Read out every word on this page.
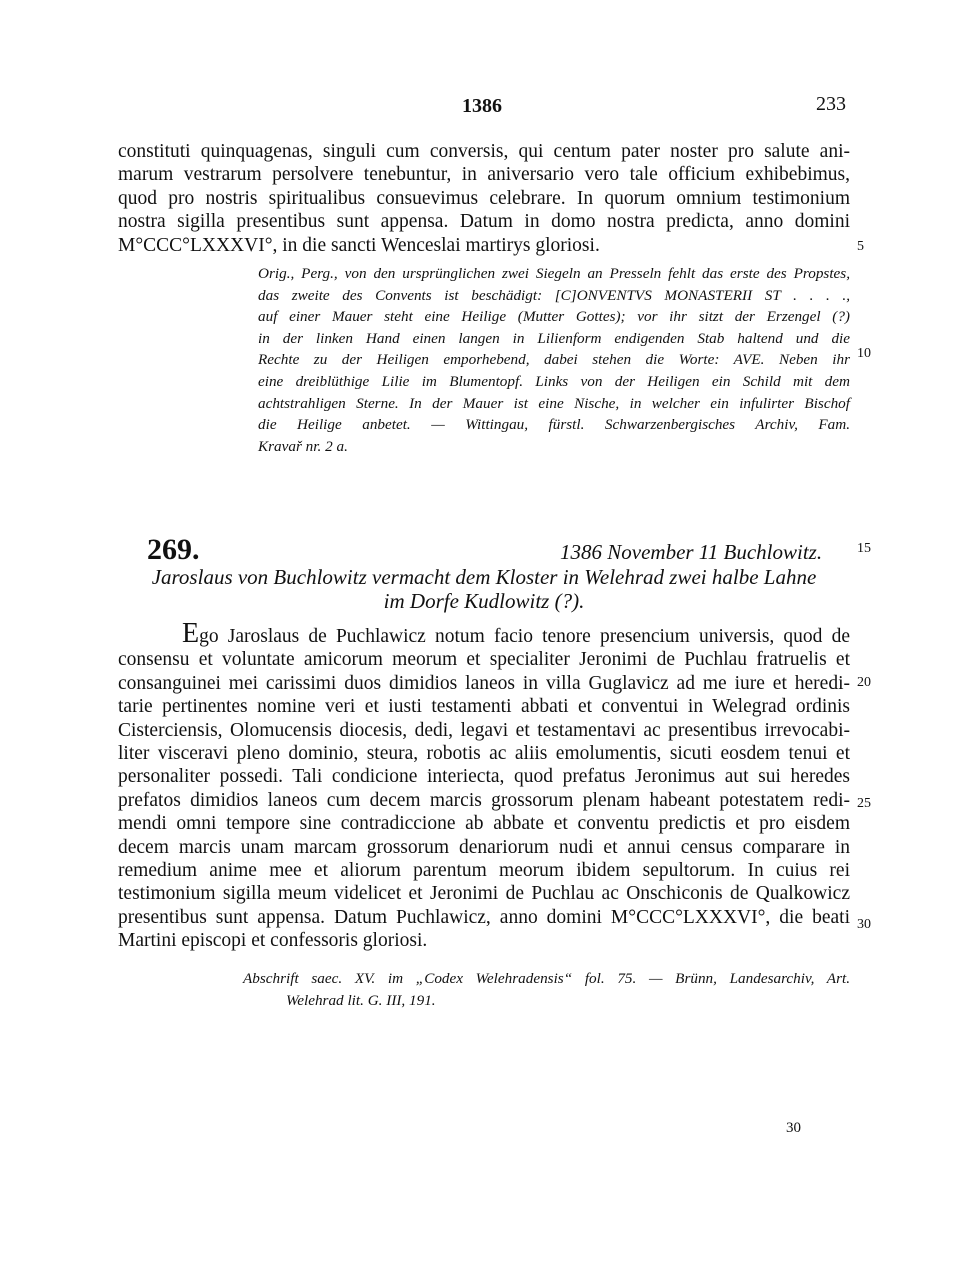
1386	233
constituti quinquagenas, singuli cum conversis, qui centum pater noster pro salute ani-
marum vestrarum persolvere tenebuntur, in aniversario vero tale officium exhibebimus,
quod pro nostris spiritualibus consuevimus celebrare. In quorum omnium testimonium
nostra sigilla presentibus sunt appensa. Datum in domo nostra predicta, anno domini
M°CCC°LXXXVI°, in die sancti Wenceslai martirys gloriosi.	5
Orig., Perg., von den ursprünglichen zwei Siegeln an Presseln fehlt das erste des Propstes,
das zweite des Convents ist beschädigt: [C]ONVENTVS MONASTERII ST . . . .,
auf einer Mauer steht eine Heilige (Mutter Gottes); vor ihr sitzt der Erzengel (?)
in der linken Hand einen langen in Lilienform endigenden Stab haltend und die
Rechte zu der Heiligen emporhebend, dabei stehen die Worte: AVE. Neben ihr
eine dreiblüthige Lilie im Blumentopf. Links von der Heiligen ein Schild mit dem
achtstrahligen Sterne. In der Mauer ist eine Nische, in welcher ein infulirter Bischof
die Heilige anbetet. — Wittingau, fürstl. Schwarzenbergisches Archiv, Fam.
Kravař nr. 2 a.
10
269.	1386 November 11 Buchlowitz. 15
Jaroslaus von Buchlowitz vermacht dem Kloster in Welehrad zwei halbe Lahne
im Dorfe Kudlowitz (?).
Ego Jaroslaus de Puchlawicz notum facio tenore presencium universis, quod de
consensu et voluntate amicorum meorum et specialiter Jeronimi de Puchlau fratruelis et
consanguinei mei carissimi duos dimidios laneos in villa Guglavicz ad me iure et heredi-
tarie pertinentes nomine veri et iusti testamenti abbati et conventui in Welegrad ordinis
Cisterciensis, Olomucensis diocesis, dedi, legavi et testamentavi ac presentibus irrevocabi-
liter visceravi pleno dominio, steura, robotis ac aliis emolumentis, sicuti eosdem tenui et
personaliter possedi. Tali condicione interiecta, quod prefatus Jeronimus aut sui heredes
prefatos dimidios laneos cum decem marcis grossorum plenam habeant potestatem redi-
mendi omni tempore sine contradiccione ab abbate et conventu predictis et pro eisdem
decem marcis unam marcam grossorum denariorum nudi et annui census comparare in
remedium anime mee et aliorum parentum meorum ibidem sepultorum. In cuius rei
testimonium sigilla meum videlicet et Jeronimi de Puchlau ac Onschiconis de Qualkowicz
presentibus sunt appensa. Datum Puchlawicz, anno domini M°CCC°LXXXVI°, die beati
Martini episcopi et confessoris gloriosi.
20
25
30
Abschrift saec. XV. im „Codex Welehradensis“ fol. 75. — Brünn, Landesarchiv, Art.
Welehrad lit. G. III, 191.
30
